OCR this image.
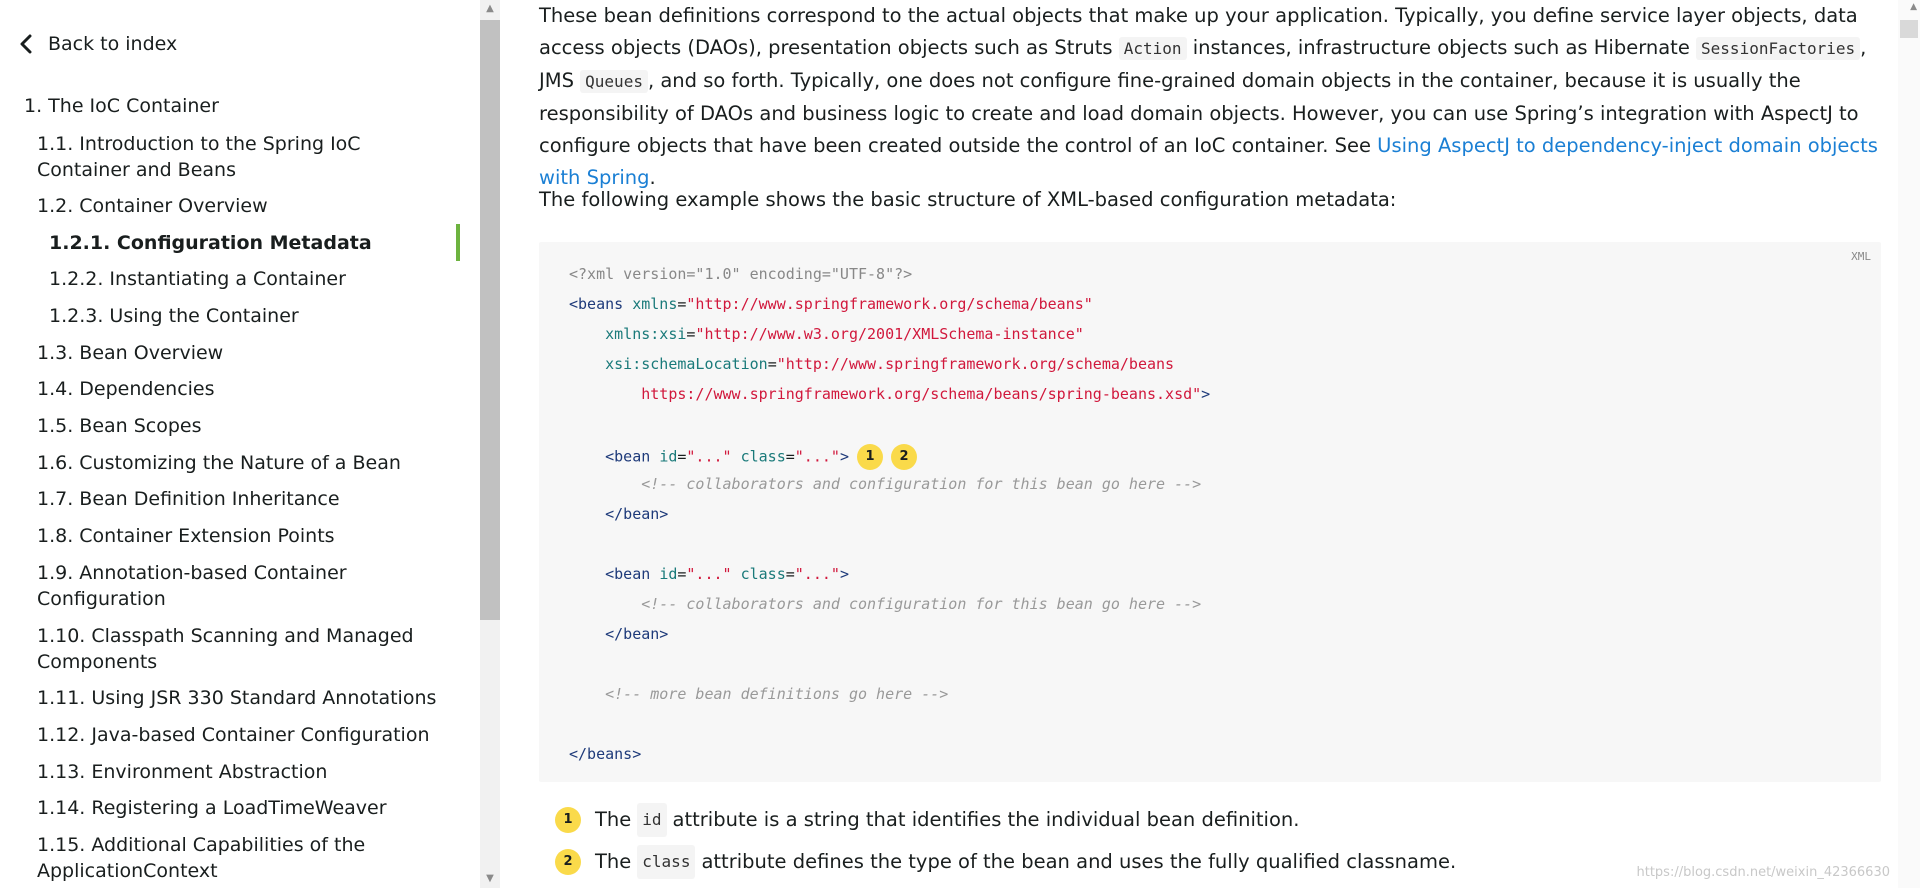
Back to index
1. The IoC Container
1.1. Introduction to the Spring IoC Container and Beans
1.2. Container Overview
1.2.1. Configuration Metadata
1.2.2. Instantiating a Container
1.2.3. Using the Container
1.3. Bean Overview
1.4. Dependencies
1.5. Bean Scopes
1.6. Customizing the Nature of a Bean
1.7. Bean Definition Inheritance
1.8. Container Extension Points
1.9. Annotation-based Container Configuration
1.10. Classpath Scanning and Managed Components
1.11. Using JSR 330 Standard Annotations
1.12. Java-based Container Configuration
1.13. Environment Abstraction
1.14. Registering a LoadTimeWeaver
1.15. Additional Capabilities of the ApplicationContext
▲
▼

These bean definitions correspond to the actual objects that make up your application. Typically, you define service layer objects, data access objects (DAOs), presentation objects such as Struts Action instances, infrastructure objects such as Hibernate SessionFactories , JMS Queues , and so forth. Typically, one does not configure fine-grained domain objects in the container, because it is usually the responsibility of DAOs and business logic to create and load domain objects. However, you can use Spring’s integration with AspectJ to configure objects that have been created outside the control of an IoC container. See Using AspectJ to dependency-inject domain objects with Spring.

The following example shows the basic structure of XML-based configuration metadata:

XML
<?xml version="1.0" encoding="UTF-8"?>
<beans xmlns="http://www.springframework.org/schema/beans"
xmlns:xsi="http://www.w3.org/2001/XMLSchema-instance"
xsi:schemaLocation="http://www.springframework.org/schema/beans
https://www.springframework.org/schema/beans/spring-beans.xsd">
<bean id="..." class="..."> 1 2
<!-- collaborators and configuration for this bean go here -->
</bean>
<bean id="..." class="...">
<!-- collaborators and configuration for this bean go here -->
</bean>
<!-- more bean definitions go here -->
</beans>
1	The id attribute is a string that identifies the individual bean definition.
2	The class attribute defines the type of the bean and uses the fully qualified classname.
▲
https://blog.csdn.net/weixin_42366630
